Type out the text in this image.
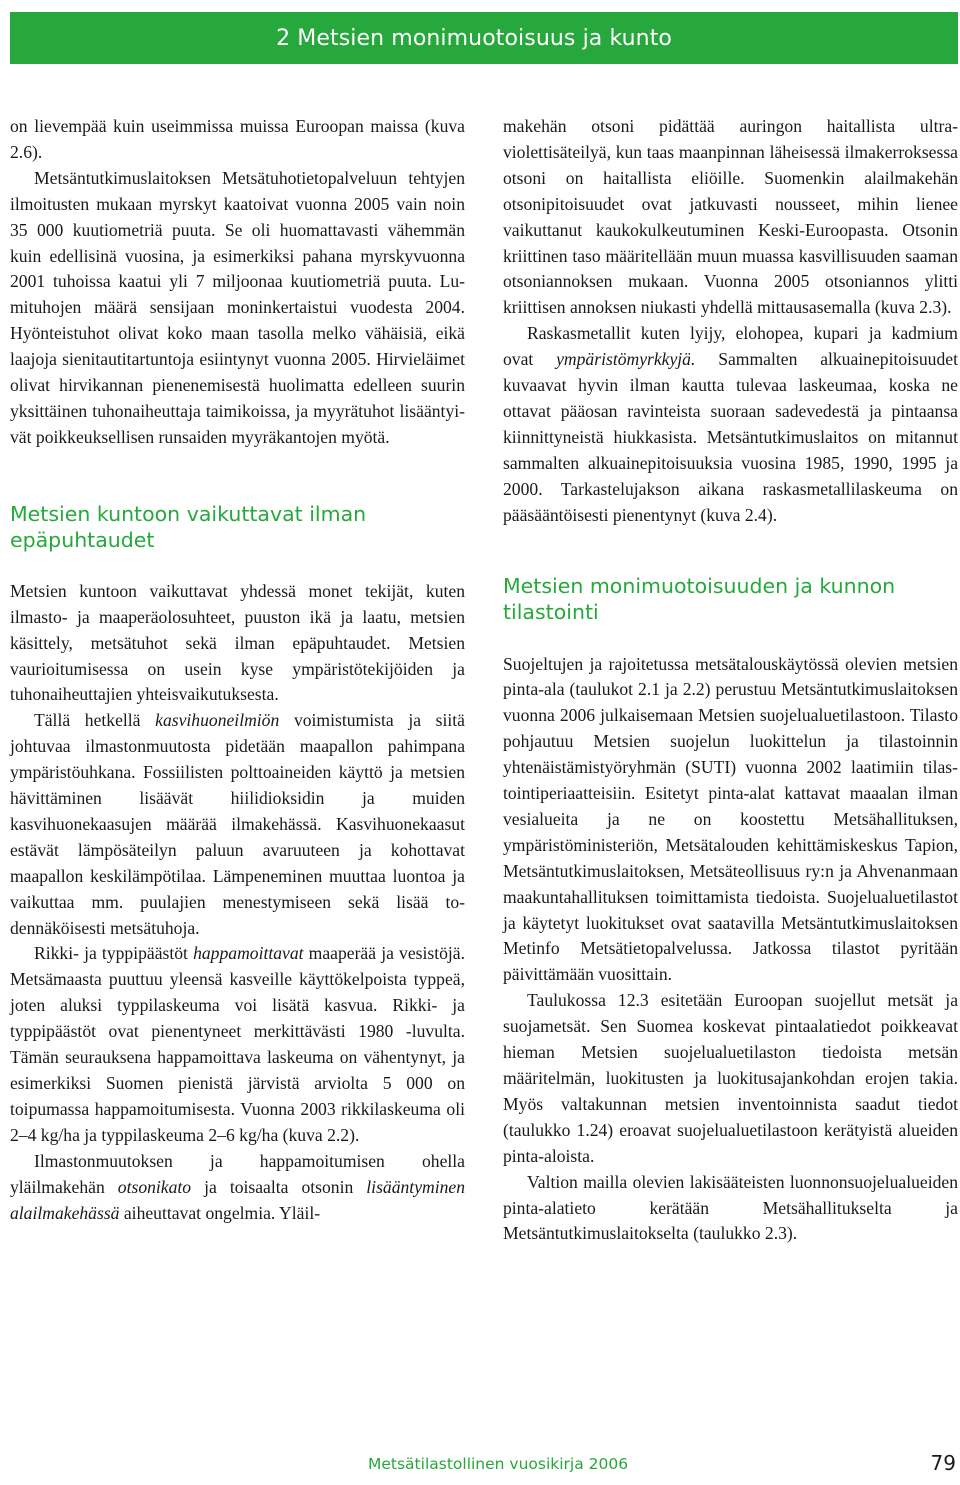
2 Metsien monimuotoisuus ja kunto

on lievempää kuin useimmissa muissa Euroopan maissa (kuva 2.6).

Metsäntutkimuslaitoksen Metsätuhotietopalveluun tehtyjen ilmoitusten mukaan myrskyt kaatoivat vuonna 2005 vain noin 35 000 kuutiometriä puuta. Se oli huomattavasti vähemmän kuin edellisinä vuosina, ja esimerkiksi pahana myrskyvuonna 2001 tuhoissa kaatui yli 7 miljoonaa kuutiometriä puuta. Lumituhojen määrä sensijaan moninkertaistui vuodesta 2004. Hyönteistuhot olivat koko maan tasolla melko vähäisiä, eikä laajoja sienitautitartuntoja esiintynyt vuonna 2005. Hirvieläimet olivat hirvikannan pienenemisestä huolimatta edelleen suurin yksittäinen tuhonaiheuttaja taimikoissa, ja myyrätuhot lisääntyivät poikkeuksellisen runsaiden myyräkantojen myötä.

Metsien kuntoon vaikuttavat ilman epäpuhtaudet

Metsien kuntoon vaikuttavat yhdessä monet tekijät, kuten ilmasto- ja maaperäolosuhteet, puuston ikä ja laatu, metsien käsittely, metsätuhot sekä ilman epäpuhtaudet. Metsien vaurioitumisessa on usein kyse ympäristötekijöiden ja tuhonaiheuttajien yhteisvaikutuksesta.

Tällä hetkellä kasvihuoneilmiön voimistumista ja siitä johtuvaa ilmastonmuutosta pidetään maapallon pahimpana ympäristöuhkana. Fossiilisten polttoaineiden käyttö ja metsien hävittäminen lisäävät hiilidioksidin ja muiden kasvihuonekaasujen määrää ilmakehässä. Kasvihuonekaasut estävät lämpösäteilyn paluun avaruuteen ja kohottavat maapallon keskilämpötilaa. Lämpeneminen muuttaa luontoa ja vaikuttaa mm. puulajien menestymiseen sekä lisää todennäköisesti metsätuhoja.

Rikki- ja typpipäästöt happamoittavat maaperää ja vesistöjä. Metsämaasta puuttuu yleensä kasveille käyttökelpoista typpeä, joten aluksi typpilaskeuma voi lisätä kasvua. Rikki- ja typpipäästöt ovat pienentyneet merkittävästi 1980 -luvulta. Tämän seurauksena happamoittava laskeuma on vähentynyt, ja esimerkiksi Suomen pienistä järvistä arviolta 5 000 on toipumassa happamoitumisesta. Vuonna 2003 rikkilaskeuma oli 2–4 kg/ha ja typpilaskeuma 2–6 kg/ha (kuva 2.2).

Ilmastonmuutoksen ja happamoitumisen ohella yläilmakehän otsonikato ja toisaalta otsonin lisääntyminen alailmakehässä aiheuttavat ongelmia. Yläil-

makehän otsoni pidättää auringon haitallista ultraviolettisäteilyä, kun taas maanpinnan läheisessä ilmakerroksessa otsoni on haitallista eliöille. Suomenkin alailmakehän otsonipitoisuudet ovat jatkuvasti nousseet, mihin lienee vaikuttanut kaukokulkeutuminen Keski-Euroopasta. Otsonin kriittinen taso määritellään muun muassa kasvillisuuden saaman otsoniannoksen mukaan. Vuonna 2005 otsoniannos ylitti kriittisen annoksen niukasti yhdellä mittausasemalla (kuva 2.3).

Raskasmetallit kuten lyijy, elohopea, kupari ja kadmium ovat ympäristömyrkkyjä. Sammalten alkuainepitoisuudet kuvaavat hyvin ilman kautta tulevaa laskeumaa, koska ne ottavat pääosan ravinteista suoraan sadevedestä ja pintaansa kiinnittyneistä hiukkasista. Metsäntutkimuslaitos on mitannut sammalten alkuainepitoisuuksia vuosina 1985, 1990, 1995 ja 2000. Tarkastelujakson aikana raskasmetallilaskeuma on pääsääntöisesti pienentynyt (kuva 2.4).

Metsien monimuotoisuuden ja kunnon tilastointi

Suojeltujen ja rajoitetussa metsätalouskäytössä olevien metsien pinta-ala (taulukot 2.1 ja 2.2) perustuu Metsäntutkimuslaitoksen vuonna 2006 julkaisemaan Metsien suojelualuetilastoon. Tilasto pohjautuu Metsien suojelun luokittelun ja tilastoinnin yhtenäistämistyöryhmän (SUTI) vuonna 2002 laatimiin tilastointiperiaatteisiin. Esitetyt pinta-alat kattavat maaalan ilman vesialueita ja ne on koostettu Metsähallituksen, ympäristöministeriön, Metsätalouden kehittämiskeskus Tapion, Metsäntutkimuslaitoksen, Metsäteollisuus ry:n ja Ahvenanmaan maakuntahallituksen toimittamista tiedoista. Suojelualuetilastot ja käytetyt luokitukset ovat saatavilla Metsäntutkimuslaitoksen Metinfo Metsätietopalvelussa. Jatkossa tilastot pyritään päivittämään vuosittain.

Taulukossa 12.3 esitetään Euroopan suojellut metsät ja suojametsät. Sen Suomea koskevat pintaalatiedot poikkeavat hieman Metsien suojelualuetilaston tiedoista metsän määritelmän, luokitusten ja luokitusajankohdan erojen takia. Myös valtakunnan metsien inventoinnista saadut tiedot (taulukko 1.24) eroavat suojelualuetilastoon kerätyistä alueiden pinta-aloista.

Valtion mailla olevien lakisääteisten luonnonsuojelualueiden pinta-alatieto kerätään Metsähallitukselta ja Metsäntutkimuslaitokselta (taulukko 2.3).

Metsätilastollinen vuosikirja 2006	79
